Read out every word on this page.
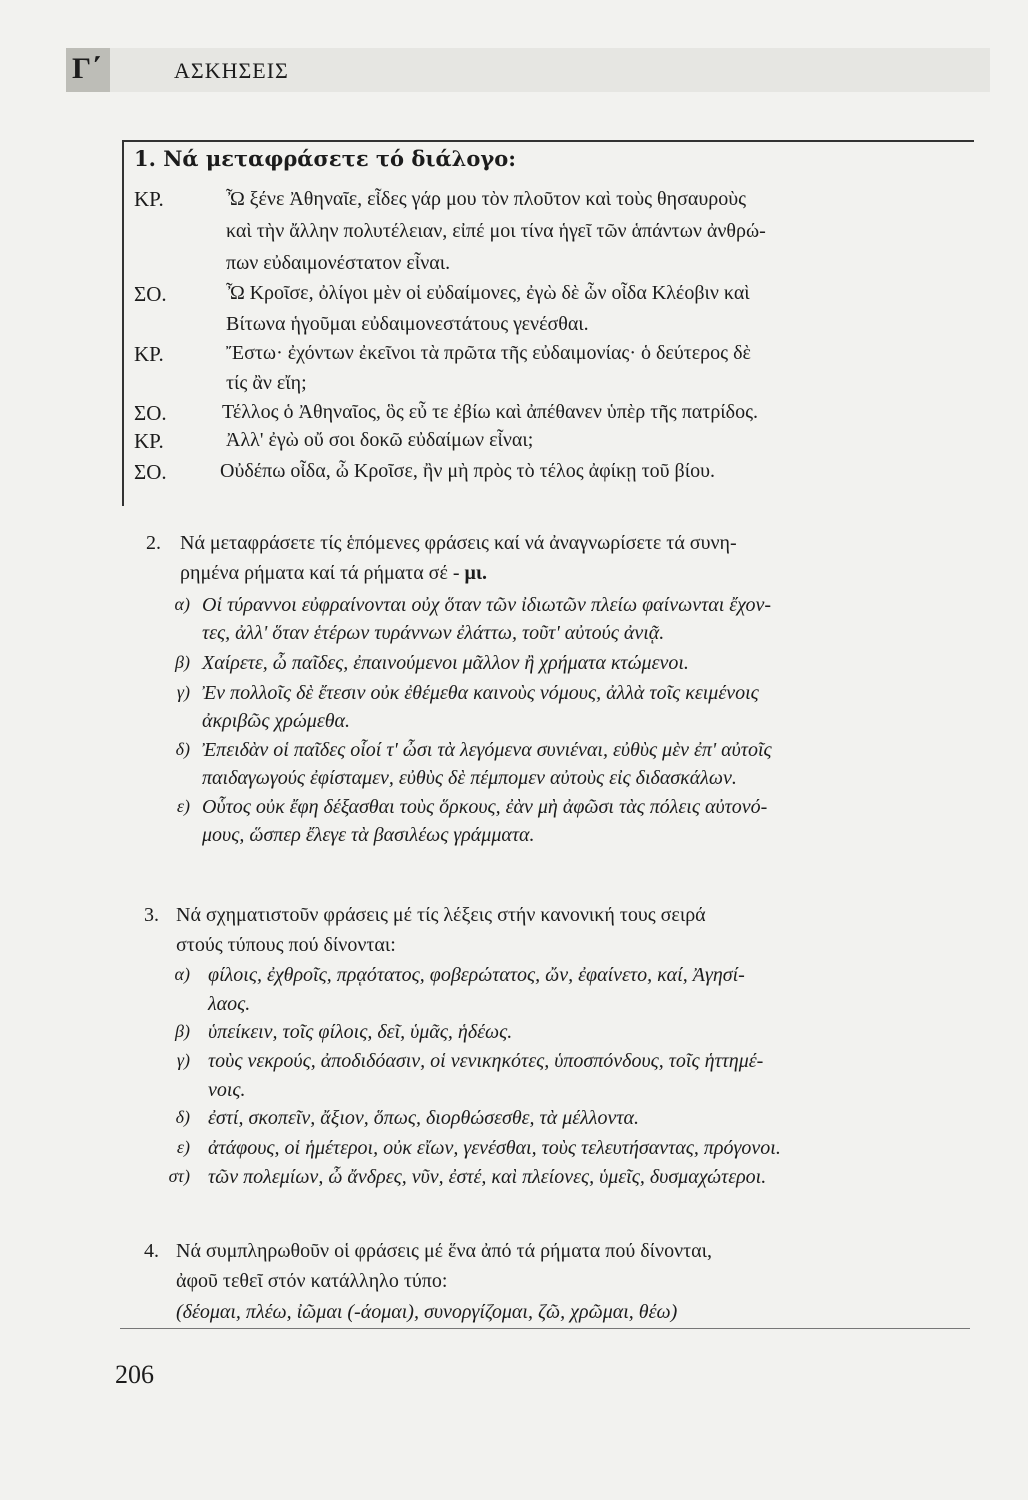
Γ΄	ΑΣΚΗΣΕΙΣ
1. Νά μεταφράσετε τό διάλογο:
ΚΡ.	Ὦ ξένε Ἀθηναῖε, εἶδες γάρ μου τὸν πλοῦτον καὶ τοὺς θησαυροὺς
καὶ τὴν ἄλλην πολυτέλειαν, εἰπέ μοι τίνα ἡγεῖ τῶν ἁπάντων ἀνθρώ-
πων εὐδαιμονέστατον εἶναι.
ΣΟ.	Ὦ Κροῖσε, ὀλίγοι μὲν οἱ εὐδαίμονες, ἐγὼ δὲ ὧν οἶδα Κλέοβιν καὶ
Βίτωνα ἡγοῦμαι εὐδαιμονεστάτους γενέσθαι.
ΚΡ.	Ἔστω· ἐχόντων ἐκεῖνοι τὰ πρῶτα τῆς εὐδαιμονίας· ὁ δεύτερος δὲ
τίς ἂν εἴη;
ΣΟ.	Τέλλος ὁ Ἀθηναῖος, ὃς εὖ τε ἐβίω καὶ ἀπέθανεν ὑπὲρ τῆς πατρίδος.
ΚΡ.	Ἀλλ' ἐγὼ οὔ σοι δοκῶ εὐδαίμων εἶναι;
ΣΟ.	Οὐδέπω οἶδα, ὦ Κροῖσε, ἢν μὴ πρὸς τὸ τέλος ἀφίκῃ τοῦ βίου.
2. Νά μεταφράσετε τίς ἑπόμενες φράσεις καί νά ἀναγνωρίσετε τά συνη-
ρημένα ρήματα καί τά ρήματα σέ - μι.
α) Οἱ τύραννοι εὐφραίνονται οὐχ ὅταν τῶν ἰδιωτῶν πλείω φαίνωνται ἔχον-
τες, ἀλλ' ὅταν ἑτέρων τυράννων ἐλάττω, τοῦτ' αὐτούς ἀνιᾷ.
β) Χαίρετε, ὦ παῖδες, ἐπαινούμενοι μᾶλλον ἢ χρήματα κτώμενοι.
γ) Ἐν πολλοῖς δὲ ἔτεσιν οὐκ ἐθέμεθα καινοὺς νόμους, ἀλλὰ τοῖς κειμένοις
ἀκριβῶς χρώμεθα.
δ) Ἐπειδὰν οἱ παῖδες οἷοί τ' ὦσι τὰ λεγόμενα συνιέναι, εὐθὺς μὲν ἐπ' αὐτοῖς
παιδαγωγούς ἐφίσταμεν, εὐθὺς δὲ πέμπομεν αὐτοὺς εἰς διδασκάλων.
ε) Οὗτος οὐκ ἔφη δέξασθαι τοὺς ὅρκους, ἐὰν μὴ ἀφῶσι τὰς πόλεις αὐτονό-
μους, ὥσπερ ἔλεγε τὰ βασιλέως γράμματα.
3. Νά σχηματιστοῦν φράσεις μέ τίς λέξεις στήν κανονική τους σειρά
στούς τύπους πού δίνονται:
α) φίλοις, ἐχθροῖς, πρᾳότατος, φοβερώτατος, ὤν, ἐφαίνετο, καί, Ἀγησί-
λαος.
β) ὑπείκειν, τοῖς φίλοις, δεῖ, ὑμᾶς, ἡδέως.
γ) τοὺς νεκρούς, ἀποδιδόασιν, οἱ νενικηκότες, ὑποσπόνδους, τοῖς ἡττημέ-
νοις.
δ) ἐστί, σκοπεῖν, ἄξιον, ὅπως, διορθώσεσθε, τὰ μέλλοντα.
ε) ἀτάφους, οἱ ἡμέτεροι, οὐκ εἴων, γενέσθαι, τοὺς τελευτήσαντας, πρόγονοι.
στ) τῶν πολεμίων, ὦ ἄνδρες, νῦν, ἐστέ, καὶ πλείονες, ὑμεῖς, δυσμαχώτεροι.
4. Νά συμπληρωθοῦν οἱ φράσεις μέ ἕνα ἀπό τά ρήματα πού δίνονται,
ἀφοῦ τεθεῖ στόν κατάλληλο τύπο:
(δέομαι, πλέω, ἰῶμαι (-άομαι), συνοργίζομαι, ζῶ, χρῶμαι, θέω)
206
